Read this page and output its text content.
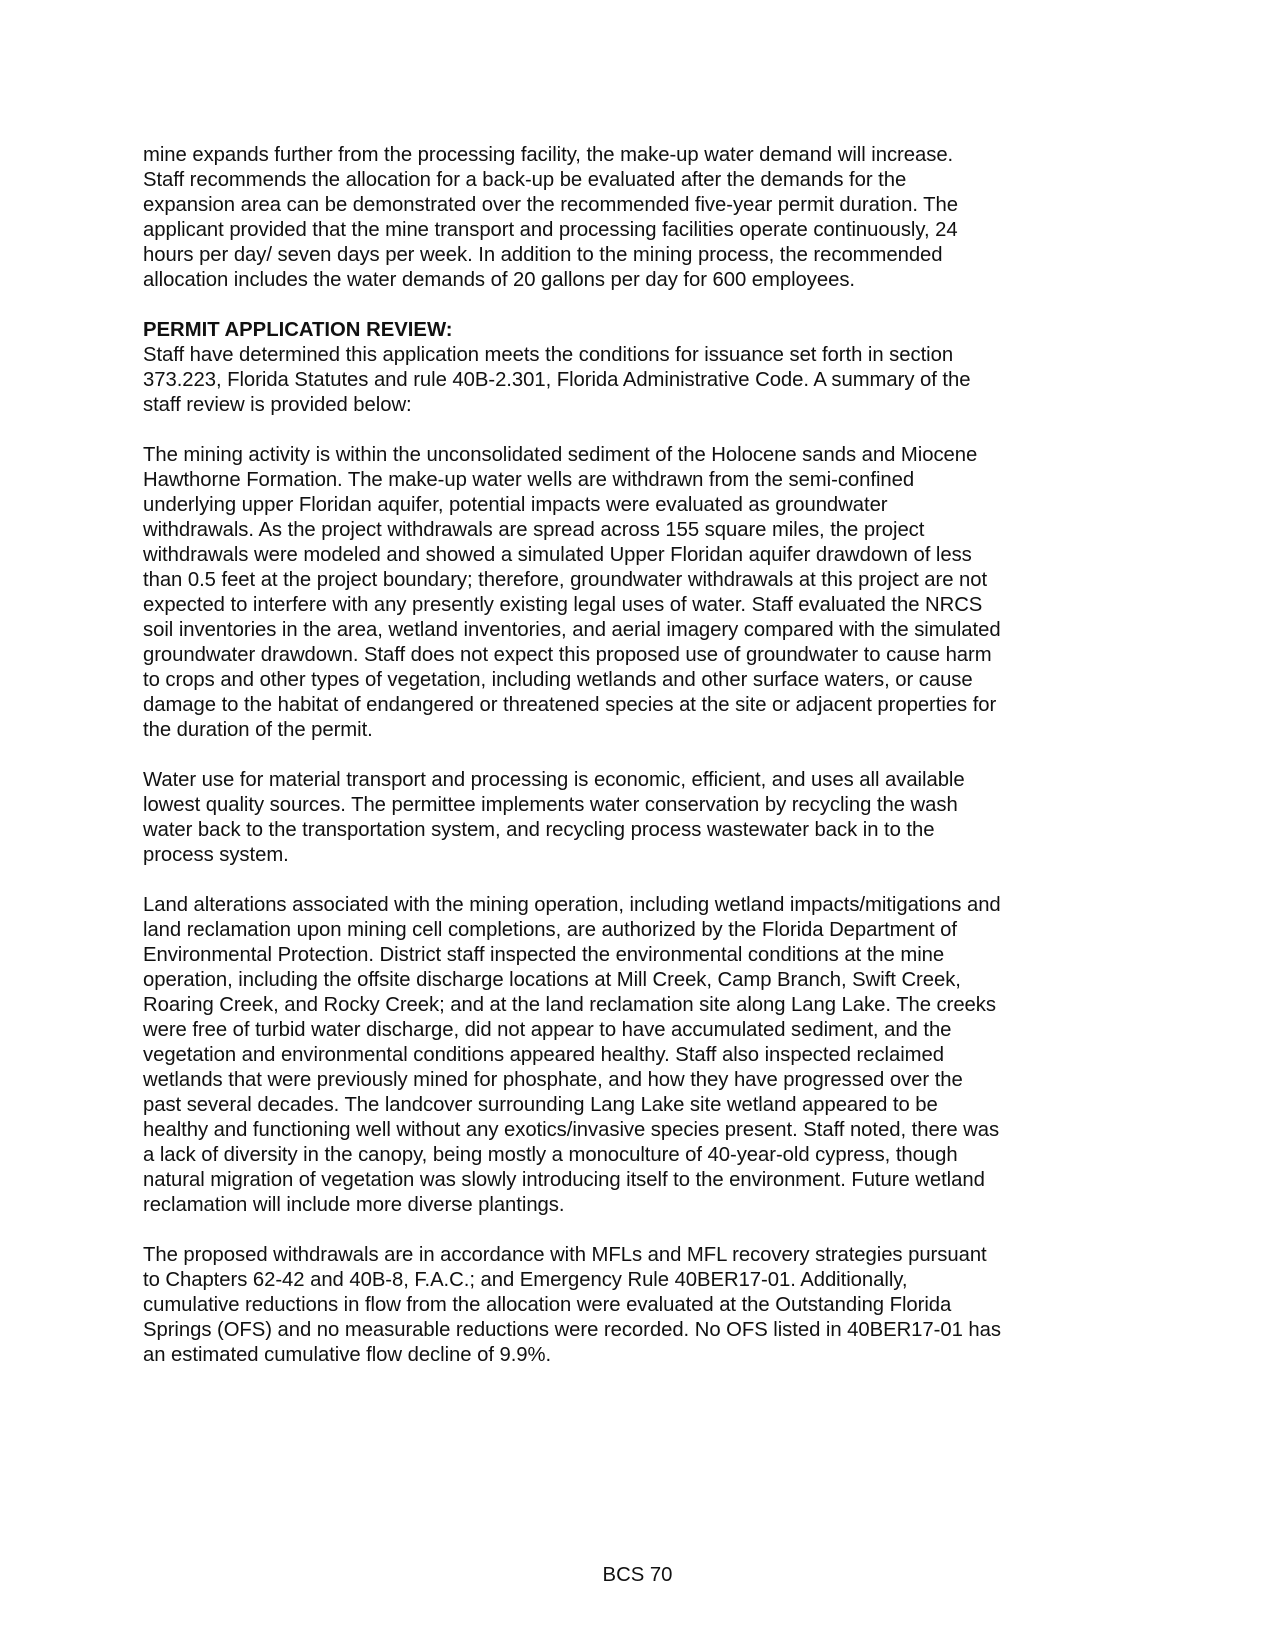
mine expands further from the processing facility, the make-up water demand will increase.
Staff recommends the allocation for a back-up be evaluated after the demands for the
expansion area can be demonstrated over the recommended five-year permit duration. The
applicant provided that the mine transport and processing facilities operate continuously, 24
hours per day/ seven days per week. In addition to the mining process, the recommended
allocation includes the water demands of 20 gallons per day for 600 employees.
PERMIT APPLICATION REVIEW:
Staff have determined this application meets the conditions for issuance set forth in section
373.223, Florida Statutes and rule 40B-2.301, Florida Administrative Code. A summary of the
staff review is provided below:
The mining activity is within the unconsolidated sediment of the Holocene sands and Miocene
Hawthorne Formation. The make-up water wells are withdrawn from the semi-confined
underlying upper Floridan aquifer, potential impacts were evaluated as groundwater
withdrawals. As the project withdrawals are spread across 155 square miles, the project
withdrawals were modeled and showed a simulated Upper Floridan aquifer drawdown of less
than 0.5 feet at the project boundary; therefore, groundwater withdrawals at this project are not
expected to interfere with any presently existing legal uses of water. Staff evaluated the NRCS
soil inventories in the area, wetland inventories, and aerial imagery compared with the simulated
groundwater drawdown. Staff does not expect this proposed use of groundwater to cause harm
to crops and other types of vegetation, including wetlands and other surface waters, or cause
damage to the habitat of endangered or threatened species at the site or adjacent properties for
the duration of the permit.
Water use for material transport and processing is economic, efficient, and uses all available
lowest quality sources. The permittee implements water conservation by recycling the wash
water back to the transportation system, and recycling process wastewater back in to the
process system.
Land alterations associated with the mining operation, including wetland impacts/mitigations and
land reclamation upon mining cell completions, are authorized by the Florida Department of
Environmental Protection. District staff inspected the environmental conditions at the mine
operation, including the offsite discharge locations at Mill Creek, Camp Branch, Swift Creek,
Roaring Creek, and Rocky Creek; and at the land reclamation site along Lang Lake. The creeks
were free of turbid water discharge, did not appear to have accumulated sediment, and the
vegetation and environmental conditions appeared healthy. Staff also inspected reclaimed
wetlands that were previously mined for phosphate, and how they have progressed over the
past several decades. The landcover surrounding Lang Lake site wetland appeared to be
healthy and functioning well without any exotics/invasive species present. Staff noted, there was
a lack of diversity in the canopy, being mostly a monoculture of 40-year-old cypress, though
natural migration of vegetation was slowly introducing itself to the environment. Future wetland
reclamation will include more diverse plantings.
The proposed withdrawals are in accordance with MFLs and MFL recovery strategies pursuant
to Chapters 62-42 and 40B-8, F.A.C.; and Emergency Rule 40BER17-01. Additionally,
cumulative reductions in flow from the allocation were evaluated at the Outstanding Florida
Springs (OFS) and no measurable reductions were recorded. No OFS listed in 40BER17-01 has
an estimated cumulative flow decline of 9.9%.
BCS 70
